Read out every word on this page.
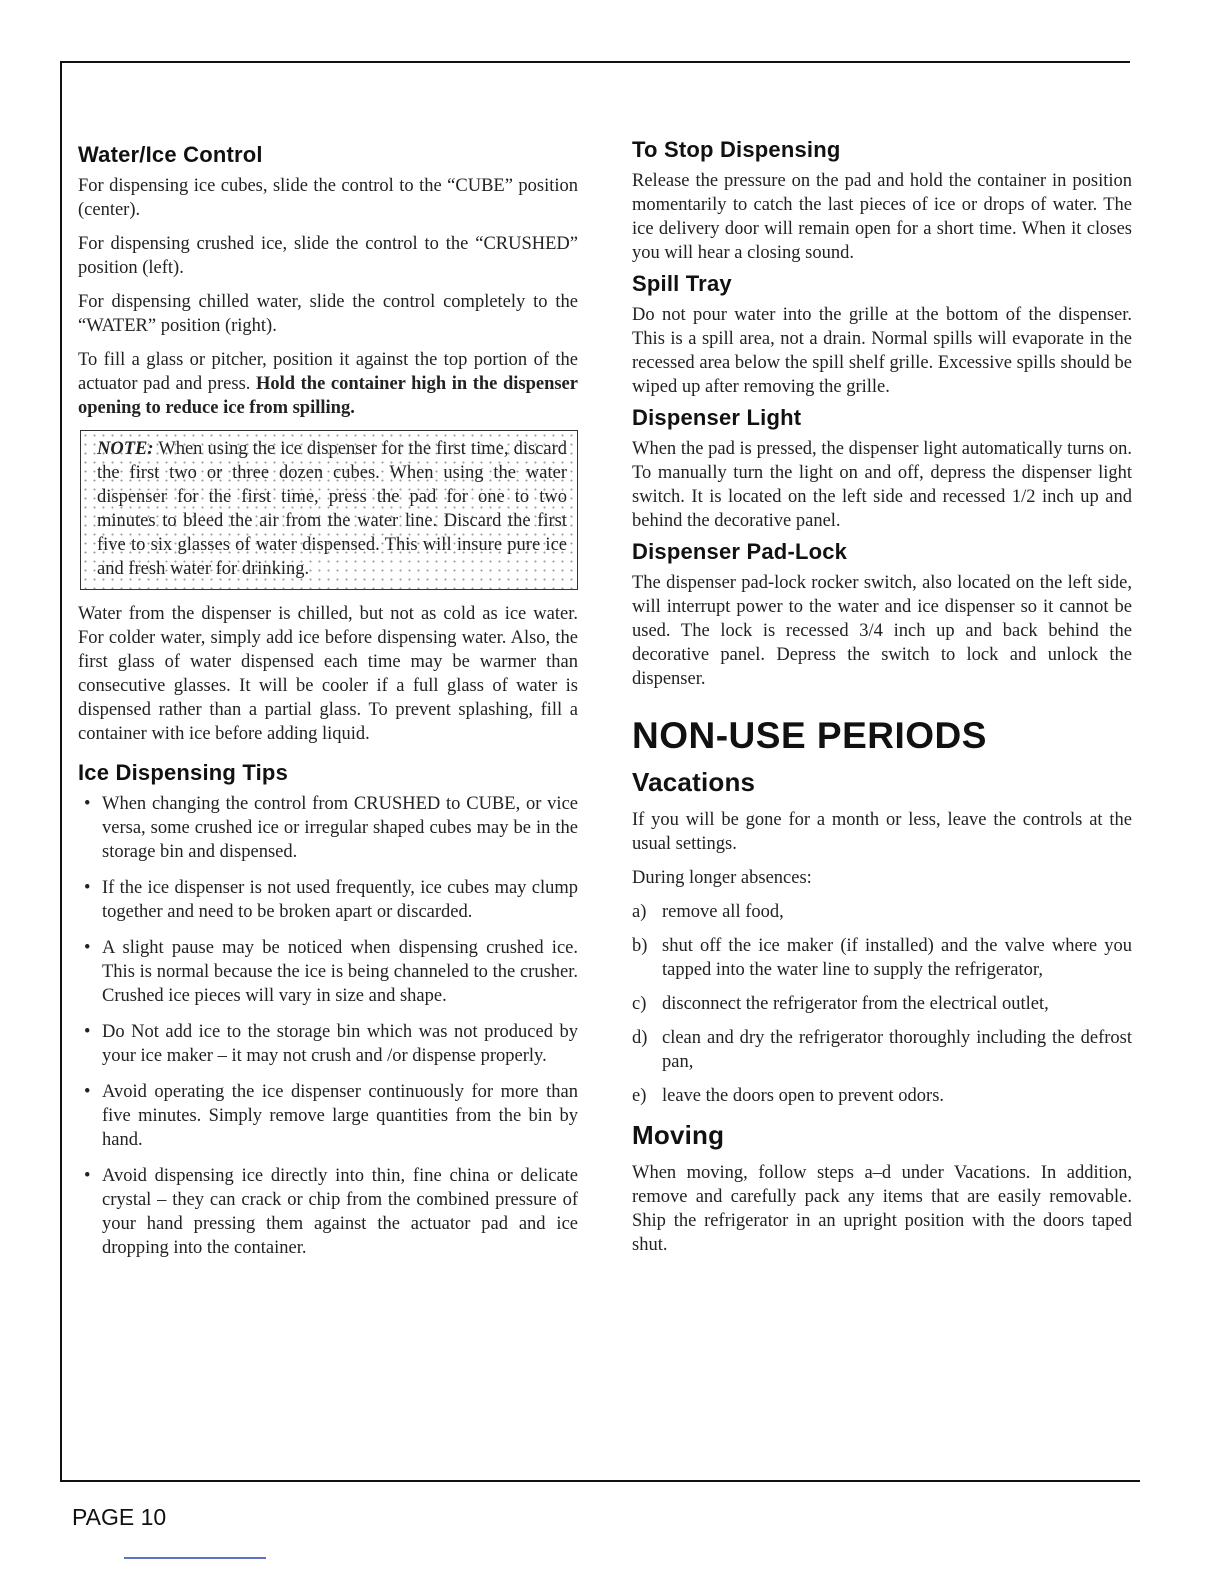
Water/Ice Control

For dispensing ice cubes, slide the control to the “CUBE” position (center).

For dispensing crushed ice, slide the control to the “CRUSHED” position (left).

For dispensing chilled water, slide the control completely to the “WATER” position (right).

To fill a glass or pitcher, position it against the top portion of the actuator pad and press. Hold the container high in the dispenser opening to reduce ice from spilling.

NOTE: When using the ice dispenser for the first time, discard the first two or three dozen cubes. When using the water dispenser for the first time, press the pad for one to two minutes to bleed the air from the water line. Discard the first five to six glasses of water dispensed. This will insure pure ice and fresh water for drinking.

Water from the dispenser is chilled, but not as cold as ice water. For colder water, simply add ice before dispensing water. Also, the first glass of water dispensed each time may be warmer than consecutive glasses. It will be cooler if a full glass of water is dispensed rather than a partial glass. To prevent splashing, fill a container with ice before adding liquid.

Ice Dispensing Tips
• When changing the control from CRUSHED to CUBE, or vice versa, some crushed ice or irregular shaped cubes may be in the storage bin and dispensed.
• If the ice dispenser is not used frequently, ice cubes may clump together and need to be broken apart or discarded.
• A slight pause may be noticed when dispensing crushed ice. This is normal because the ice is being channeled to the crusher. Crushed ice pieces will vary in size and shape.
• Do Not add ice to the storage bin which was not produced by your ice maker – it may not crush and /or dispense properly.
• Avoid operating the ice dispenser continuously for more than five minutes. Simply remove large quantities from the bin by hand.
• Avoid dispensing ice directly into thin, fine china or delicate crystal – they can crack or chip from the combined pressure of your hand pressing them against the actuator pad and ice dropping into the container.
To Stop Dispensing

Release the pressure on the pad and hold the container in position momentarily to catch the last pieces of ice or drops of water. The ice delivery door will remain open for a short time. When it closes you will hear a closing sound.

Spill Tray

Do not pour water into the grille at the bottom of the dispenser. This is a spill area, not a drain. Normal spills will evaporate in the recessed area below the spill shelf grille. Excessive spills should be wiped up after removing the grille.

Dispenser Light

When the pad is pressed, the dispenser light automatically turns on. To manually turn the light on and off, depress the dispenser light switch. It is located on the left side and recessed 1/2 inch up and behind the decorative panel.

Dispenser Pad-Lock

The dispenser pad-lock rocker switch, also located on the left side, will interrupt power to the water and ice dispenser so it cannot be used. The lock is recessed 3/4 inch up and back behind the decorative panel. Depress the switch to lock and unlock the dispenser.

NON-USE PERIODS
Vacations

If you will be gone for a month or less, leave the controls at the usual settings.

During longer absences:

a) remove all food,
b) shut off the ice maker (if installed) and the valve where you tapped into the water line to supply the refrigerator,
c) disconnect the refrigerator from the electrical outlet,
d) clean and dry the refrigerator thoroughly including the defrost pan,
e) leave the doors open to prevent odors.
Moving

When moving, follow steps a–d under Vacations. In addition, remove and carefully pack any items that are easily removable. Ship the refrigerator in an upright position with the doors taped shut.

PAGE 10
